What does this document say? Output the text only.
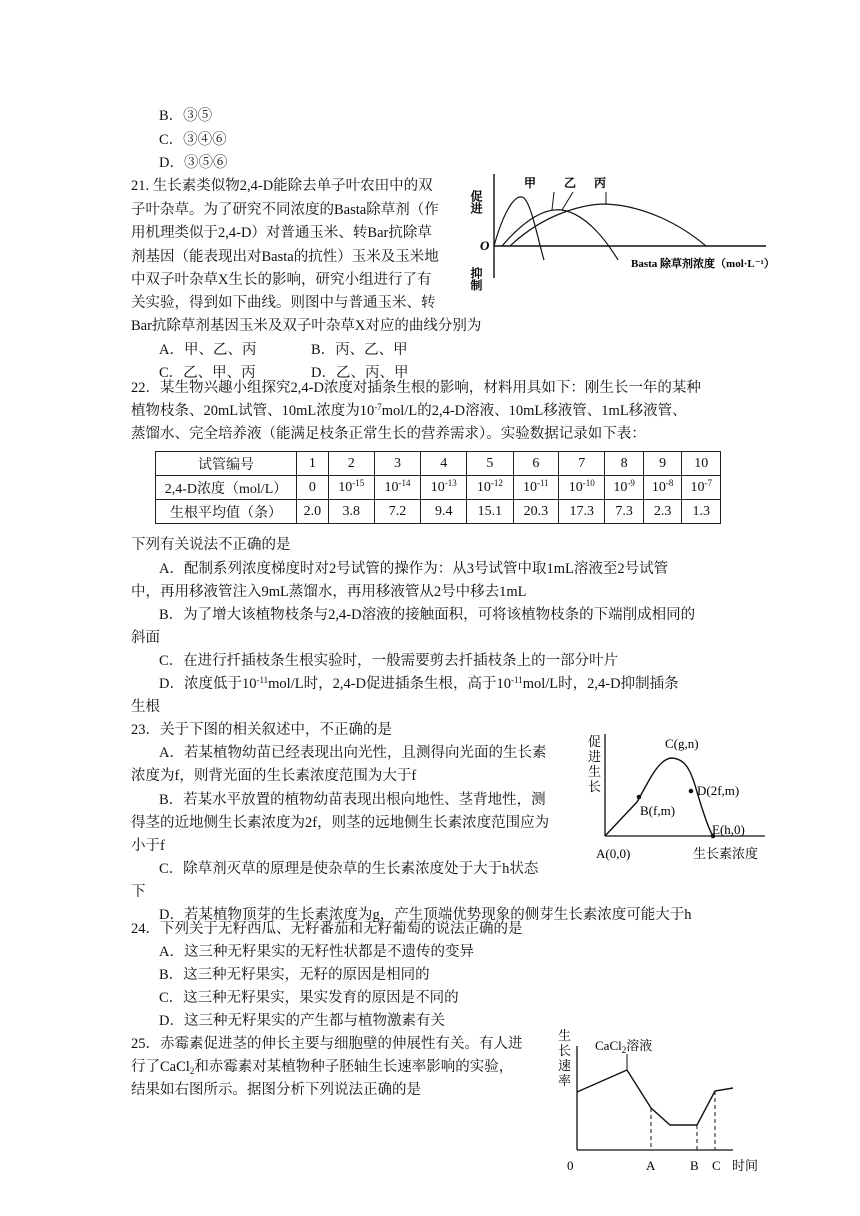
B．③⑤
C．③④⑥
D．③⑤⑥
21. 生长素类似物2,4-D能除去单子叶农田中的双
子叶杂草。为了研究不同浓度的Basta除草剂（作
用机理类似于2,4-D）对普通玉米、转Bar抗除草
剂基因（能表现出对Basta的抗性）玉米及玉米地
中双子叶杂草X生长的影响，研究小组进行了有
关实验，得到如下曲线。则图中与普通玉米、转
Bar抗除草剂基因玉米及双子叶杂草X对应的曲线分别为
A．甲、乙、丙	B．丙、乙、甲
C．乙、甲、丙	D．乙、丙、甲
甲 乙 丙
促进
抑制
O
Basta 除草剂浓度（mol·L⁻¹）
22．某生物兴趣小组探究2,4-D浓度对插条生根的影响，材料用具如下：刚生长一年的某种
植物枝条、20mL试管、10mL浓度为$10^{-7}mol/L$的2,4-D溶液、10mL移液管、1mL移液管、
蒸馏水、完全培养液（能满足枝条正常生长的营养需求）。实验数据记录如下表：
试管编号	1	2	3	4	5	6	7	8	9	10
2,4-D浓度（mol/L）	0	$10^{-15}$	$10^{-14}$	$10^{-13}$	$10^{-12}$	$10^{-11}$	$10^{-10}$	$10^{-9}$	$10^{-8}$	$10^{-7}$
生根平均值（条）	2.0	3.8	7.2	9.4	15.1	20.3	17.3	7.3	2.3	1.3
下列有关说法不正确的是
A．配制系列浓度梯度时对2号试管的操作为：从3号试管中取1mL溶液至2号试管
中，再用移液管注入9mL蒸馏水，再用移液管从2号中移去1mL
B．为了增大该植物枝条与2,4-D溶液的接触面积，可将该植物枝条的下端削成相同的
斜面
C．在进行扦插枝条生根实验时，一般需要剪去扦插枝条上的一部分叶片
D．浓度低于$10^{-11}mol/L$时，2,4-D促进插条生根，高于$10^{-11}mol/L$时，2,4-D抑制插条
生根
23．关于下图的相关叙述中，不正确的是
A．若某植物幼苗已经表现出向光性，且测得向光面的生长素
浓度为f，则背光面的生长素浓度范围为大于f
B．若某水平放置的植物幼苗表现出根向地性、茎背地性，测
得茎的近地侧生长素浓度为2f，则茎的远地侧生长素浓度范围应为
小于f
C．除草剂灭草的原理是使杂草的生长素浓度处于大于h状态
下
D．若某植物顶芽的生长素浓度为g，产生顶端优势现象的侧芽生长素浓度可能大于h
促
进
生
长
C(g,n)
B(f,m)
D(2f,m)
E(h,0)
A(0,0)	生长素浓度
24．下列关于无籽西瓜、无籽番茄和无籽葡萄的说法正确的是
A．这三种无籽果实的无籽性状都是不遗传的变异
B．这三种无籽果实，无籽的原因是相同的
C．这三种无籽果实，果实发育的原因是不同的
D．这三种无籽果实的产生都与植物激素有关
25．赤霉素促进茎的伸长主要与细胞壁的伸展性有关。有人进
行了CaCl$_2$和赤霉素对某植物种子胚轴生长速率影响的实验，
结果如右图所示。据图分析下列说法正确的是
生
长
速
率
CaCl$_2$溶液
0	A	B C 时间
